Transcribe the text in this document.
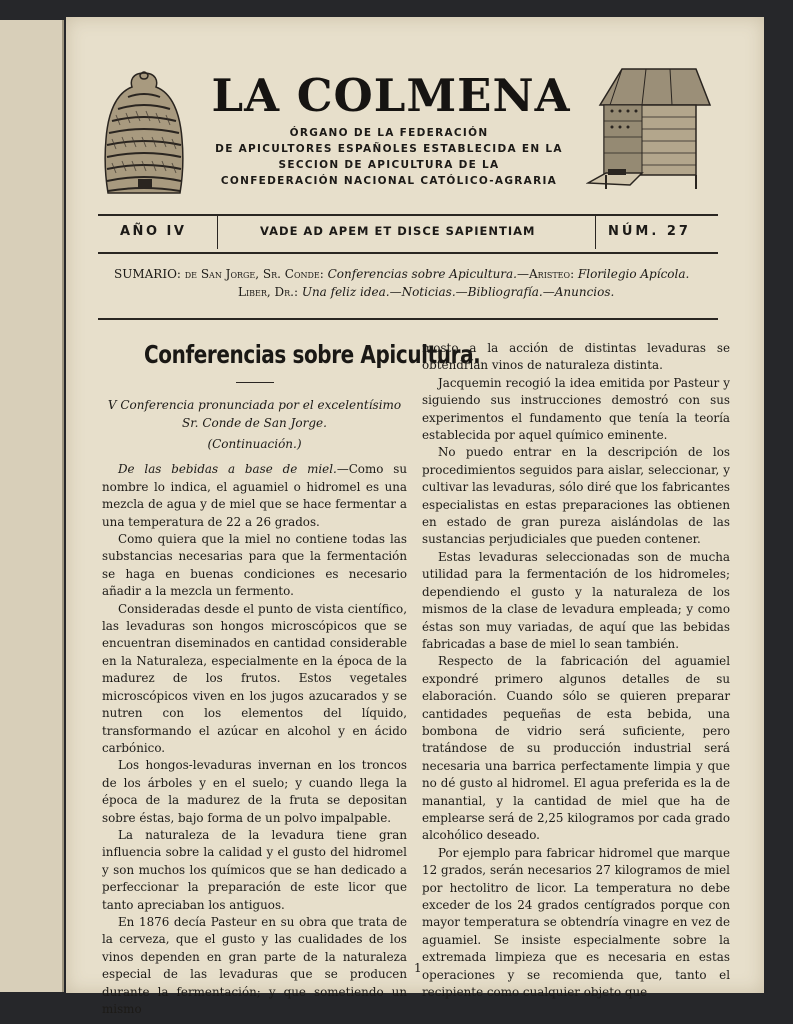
LA COLMENA
ÓRGANO DE LA FEDERACIÓN
DE APICULTORES ESPAÑOLES ESTABLECIDA EN LA
SECCION DE APICULTURA DE LA
CONFEDERACIÓN NACIONAL CATÓLICO-AGRARIA
AÑO IV	VADE AD APEM ET DISCE SAPIENTIAM	NÚM. 27
SUMARIO: de San Jorge, Sr. Conde: Conferencias sobre Apicultura.—Aristeo: Florilegio Apícola.
Liber, Dr.: Una feliz idea.—Noticias.—Bibliografía.—Anuncios.
Conferencias sobre Apicultura.
V Conferencia pronunciada por el excelentísimo
Sr. Conde de San Jorge.
(Continuación.)

De las bebidas a base de miel.—Como su nombre lo indica, el aguamiel o hidromel es una mezcla de agua y de miel que se hace fermentar a una temperatura de 22 a 26 grados.

Como quiera que la miel no contiene todas las substancias necesarias para que la fermentación se haga en buenas condiciones es necesario añadir a la mezcla un fermento.

Consideradas desde el punto de vista científico, las levaduras son hongos microscópicos que se encuentran diseminados en cantidad considerable en la Naturaleza, especialmente en la época de la madurez de los frutos. Estos vegetales microscópicos viven en los jugos azucarados y se nutren con los elementos del líquido, transformando el azúcar en alcohol y en ácido carbónico.

Los hongos-levaduras invernan en los troncos de los árboles y en el suelo; y cuando llega la época de la madurez de la fruta se depositan sobre éstas, bajo forma de un polvo impalpable.

La naturaleza de la levadura tiene gran influencia sobre la calidad y el gusto del hidromel y son muchos los químicos que se han dedicado a perfeccionar la preparación de este licor que tanto apreciaban los antiguos.

En 1876 decía Pasteur en su obra que trata de la cerveza, que el gusto y las cualidades de los vinos dependen en gran parte de la naturaleza especial de las levaduras que se producen durante la fermentación; y que sometiendo un mismo

mosto a la acción de distintas levaduras se obtendrían vinos de naturaleza distinta.

Jacquemin recogió la idea emitida por Pasteur y siguiendo sus instrucciones demostró con sus experimentos el fundamento que tenía la teoría establecida por aquel químico eminente.

No puedo entrar en la descripción de los procedimientos seguidos para aislar, seleccionar, y cultivar las levaduras, sólo diré que los fabricantes especialistas en estas preparaciones las obtienen en estado de gran pureza aislándolas de las sustancias perjudiciales que pueden contener.

Estas levaduras seleccionadas son de mucha utilidad para la fermentación de los hidromeles; dependiendo el gusto y la naturaleza de los mismos de la clase de levadura empleada; y como éstas son muy variadas, de aquí que las bebidas fabricadas a base de miel lo sean también.

Respecto de la fabricación del aguamiel expondré primero algunos detalles de su elaboración. Cuando sólo se quieren preparar cantidades pequeñas de esta bebida, una bombona de vidrio será suficiente, pero tratándose de su producción industrial será necesaria una barrica perfectamente limpia y que no dé gusto al hidromel. El agua preferida es la de manantial, y la cantidad de miel que ha de emplearse será de 2,25 kilogramos por cada grado alcohólico deseado.

Por ejemplo para fabricar hidromel que marque 12 grados, serán necesarios 27 kilogramos de miel por hectolitro de licor. La temperatura no debe exceder de los 24 grados centígrados porque con mayor temperatura se obtendría vinagre en vez de aguamiel. Se insiste especialmente sobre la extremada limpieza que es necesaria en estas operaciones y se recomienda que, tanto el recipiente como cualquier objeto que

1
